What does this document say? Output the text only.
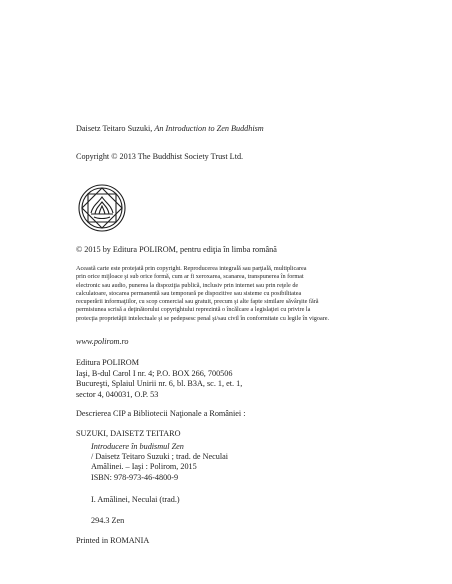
Daisetz Teitaro Suzuki, An Introduction to Zen Buddhism
Copyright © 2013 The Buddhist Society Trust Ltd.
© 2015 by Editura POLIROM, pentru ediţia în limba română
Această carte este protejată prin copyright. Reproducerea integrală sau parţială, multiplicarea
prin orice mijloace şi sub orice formă, cum ar fi xeroxarea, scanarea, transpunerea în format
electronic sau audio, punerea la dispoziţia publică, inclusiv prin internet sau prin reţele de
calculatoare, stocarea permanentă sau temporară pe dispozitive sau sisteme cu posibilitatea
recuperării informaţiilor, cu scop comercial sau gratuit, precum şi alte fapte similare săvârşite fără
permisiunea scrisă a deţinătorului copyrightului reprezintă o încălcare a legislaţiei cu privire la
protecţia proprietăţii intelectuale şi se pedepsesc penal şi/sau civil în conformitate cu legile în vigoare.
www.polirom.ro
Editura POLIROM
Iaşi, B-dul Carol I nr. 4; P.O. BOX 266, 700506
Bucureşti, Splaiul Unirii nr. 6, bl. B3A, sc. 1, et. 1,
sector 4, 040031, O.P. 53
Descrierea CIP a Bibliotecii Naţionale a României :
SUZUKI, DAISETZ TEITARO
Introducere în budismul Zen
/ Daisetz Teitaro Suzuki ; trad. de Neculai
Amălinei. – Iaşi : Polirom, 2015
ISBN: 978-973-46-4800-9
I. Amălinei, Neculai (trad.)
294.3 Zen
Printed in ROMANIA
